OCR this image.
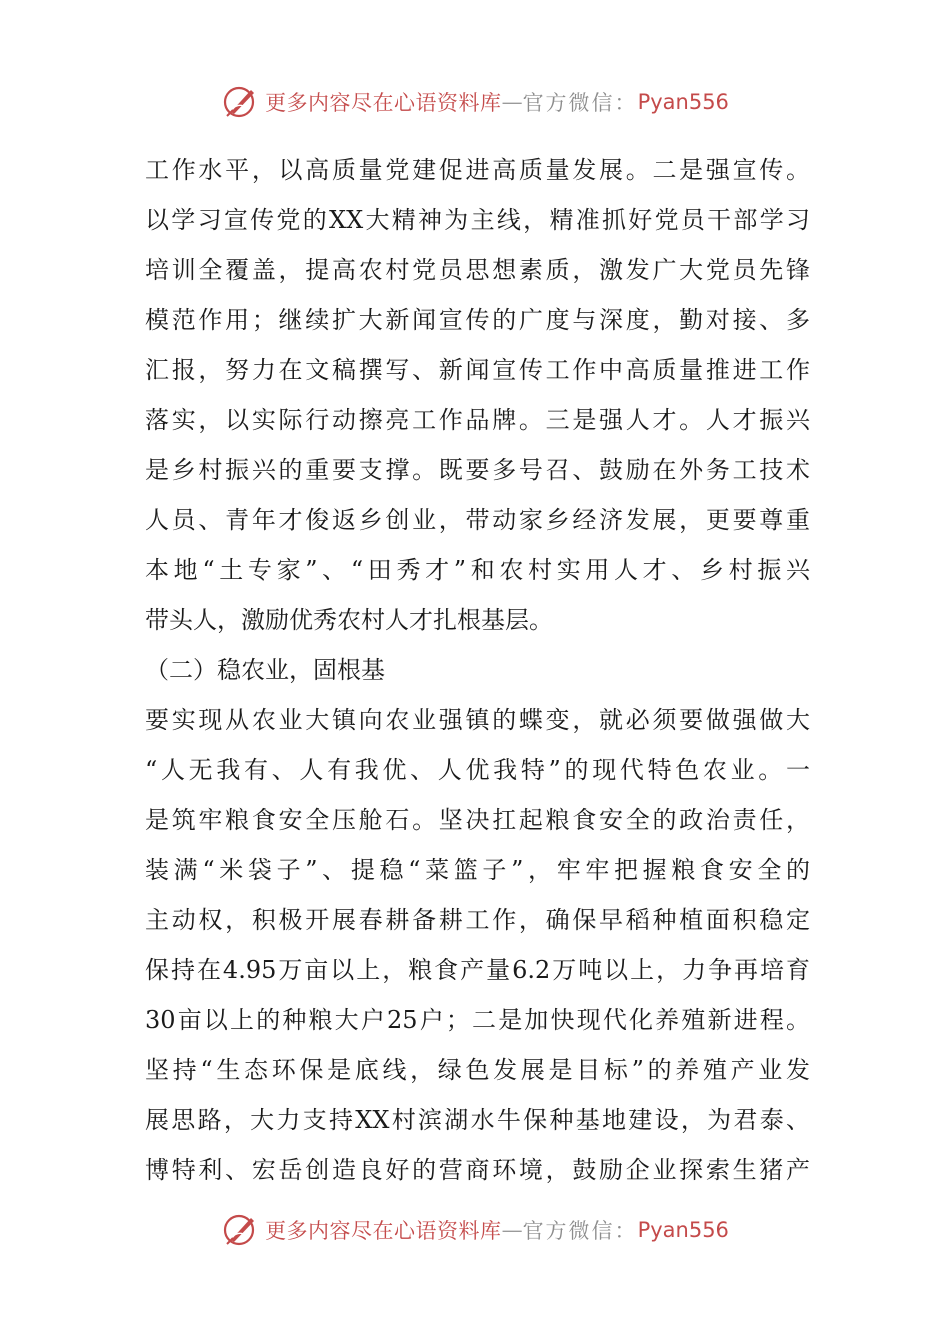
更多内容尽在心语资料库 — 官方微信： Pyan556
工作水平，以高质量党建促进高质量发展。二是强宣传。
以学习宣传党的XX大精神为主线，精准抓好党员干部学习
培训全覆盖，提高农村党员思想素质，激发广大党员先锋
模范作用；继续扩大新闻宣传的广度与深度，勤对接、多
汇报，努力在文稿撰写、新闻宣传工作中高质量推进工作
落实，以实际行动擦亮工作品牌。三是强人才。人才振兴
是乡村振兴的重要支撑。既要多号召、鼓励在外务工技术
人员、青年才俊返乡创业，带动家乡经济发展，更要尊重
本地“土专家”、“田秀才”和农村实用人才、乡村振兴
带头人，激励优秀农村人才扎根基层。
（二）稳农业，固根基
要实现从农业大镇向农业强镇的蝶变，就必须要做强做大
“人无我有、人有我优、人优我特”的现代特色农业。一
是筑牢粮食安全压舱石。坚决扛起粮食安全的政治责任，
装满“米袋子”、提稳“菜篮子”，牢牢把握粮食安全的
主动权，积极开展春耕备耕工作，确保早稻种植面积稳定
保持在4.95万亩以上，粮食产量6.2万吨以上，力争再培育
30亩以上的种粮大户25户；二是加快现代化养殖新进程。
坚持“生态环保是底线，绿色发展是目标”的养殖产业发
展思路，大力支持XX村滨湖水牛保种基地建设，为君泰、
博特利、宏岳创造良好的营商环境，鼓励企业探索生猪产
更多内容尽在心语资料库 — 官方微信： Pyan556
